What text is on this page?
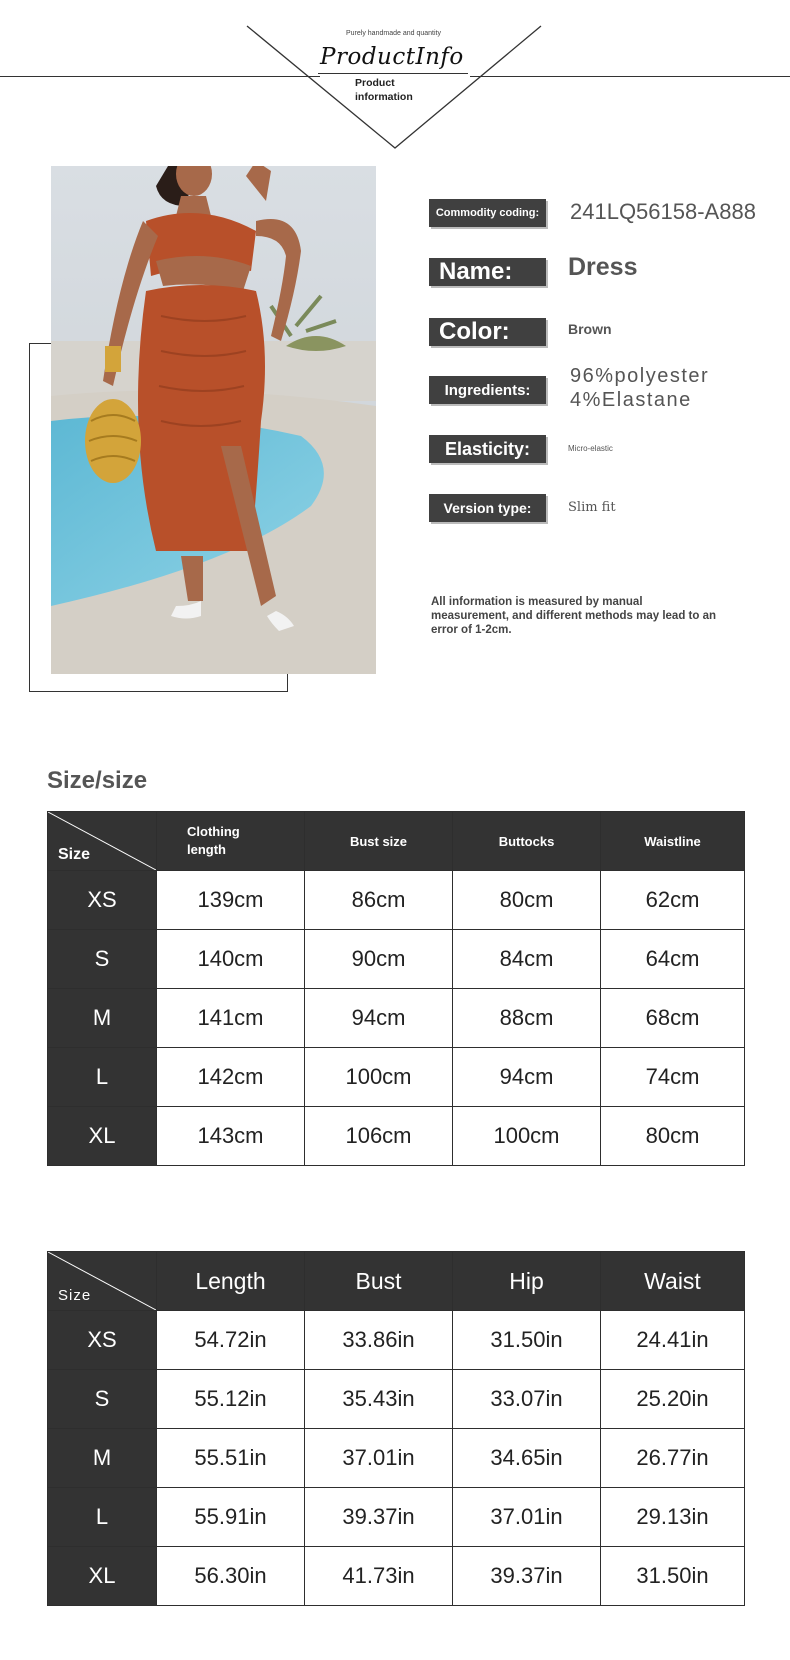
Purely handmade and quantity
ProductInfo
Product information
Commodity coding:	241LQ56158-A888
Name:	Dress
Color:	Brown
Ingredients:
96%polyester
4%Elastane
Elasticity:	Micro-elastic
Version type:	Slim fit
All information is measured by manual measurement, and different methods may lead to an error of 1-2cm.
Size/size
Size	Clothing length	Bust size	Buttocks	Waistline
XS	139cm	86cm	80cm	62cm
S	140cm	90cm	84cm	64cm
M	141cm	94cm	88cm	68cm
L	142cm	100cm	94cm	74cm
XL	143cm	106cm	100cm	80cm
Size	Length	Bust	Hip	Waist
XS	54.72in	33.86in	31.50in	24.41in
S	55.12in	35.43in	33.07in	25.20in
M	55.51in	37.01in	34.65in	26.77in
L	55.91in	39.37in	37.01in	29.13in
XL	56.30in	41.73in	39.37in	31.50in
